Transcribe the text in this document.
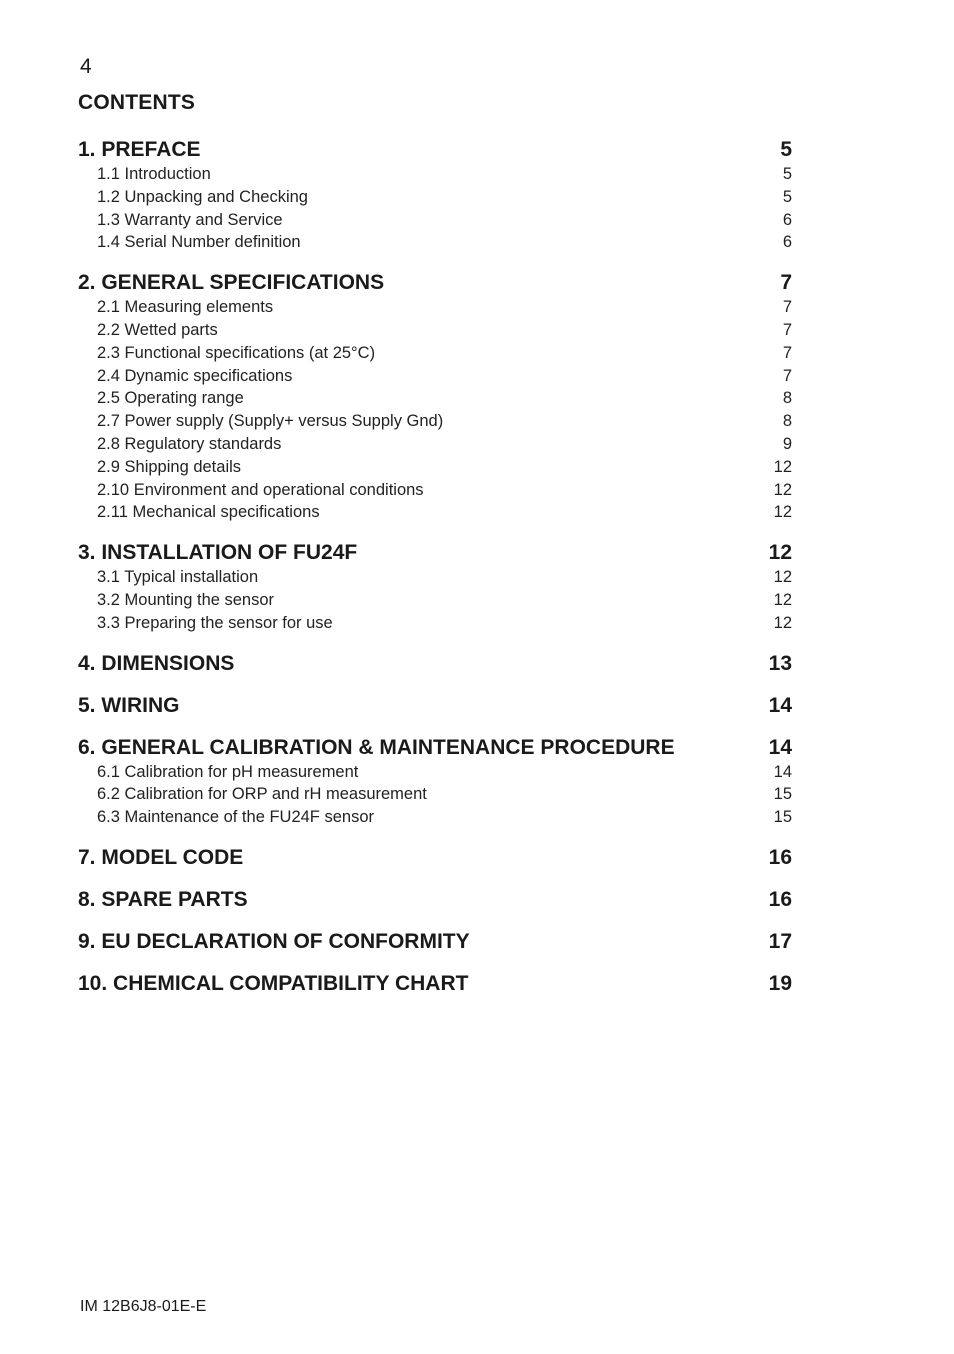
4
CONTENTS
1. PREFACE	5
1.1 Introduction	5
1.2 Unpacking and Checking	5
1.3 Warranty and Service	6
1.4 Serial Number definition	6
2. GENERAL SPECIFICATIONS	7
2.1 Measuring elements	7
2.2 Wetted parts	7
2.3 Functional specifications (at 25°C)	7
2.4 Dynamic specifications	7
2.5 Operating range	8
2.7 Power supply (Supply+ versus Supply Gnd)	8
2.8 Regulatory standards	9
2.9 Shipping details	12
2.10 Environment and operational conditions	12
2.11 Mechanical specifications	12
3. INSTALLATION OF FU24F	12
3.1 Typical installation	12
3.2 Mounting the sensor	12
3.3 Preparing the sensor for use	12
4. DIMENSIONS	13
5. WIRING	14
6. GENERAL CALIBRATION & MAINTENANCE PROCEDURE	14
6.1 Calibration for pH measurement	14
6.2 Calibration for ORP and rH measurement	15
6.3 Maintenance of the FU24F sensor	15
7. MODEL CODE	16
8. SPARE PARTS	16
9. EU DECLARATION OF CONFORMITY	17
10. CHEMICAL COMPATIBILITY CHART	19
IM 12B6J8-01E-E
